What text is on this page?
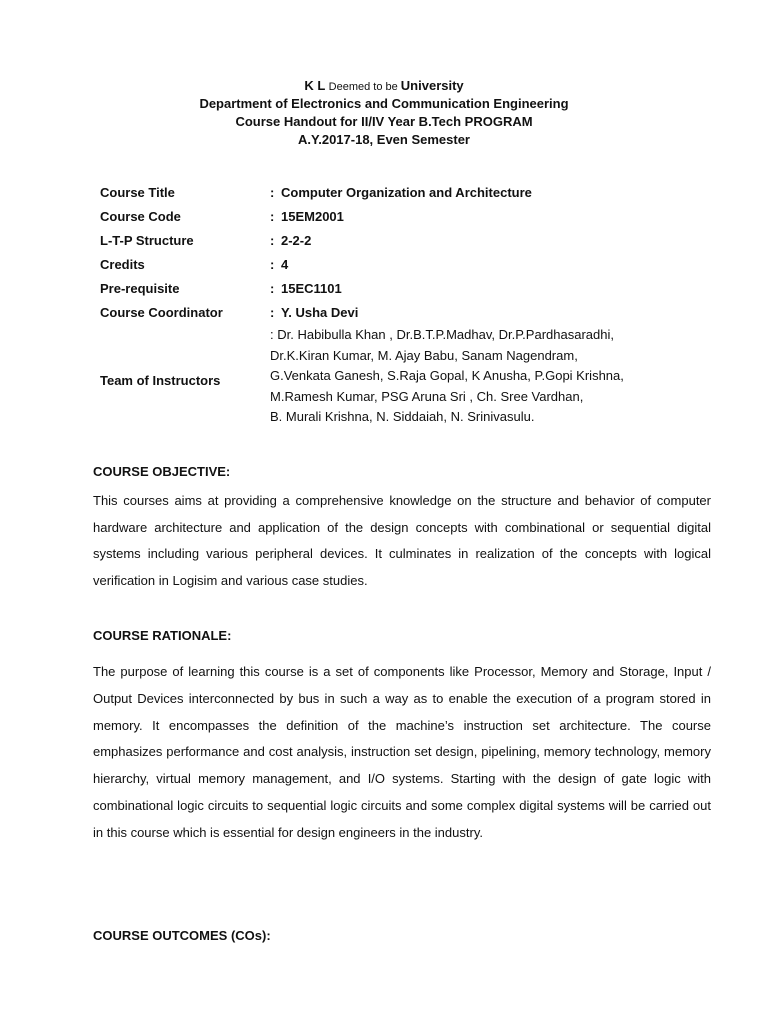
K L Deemed to be University
Department of Electronics and Communication Engineering
Course Handout for II/IV Year B.Tech PROGRAM
A.Y.2017-18, Even Semester
Course Title	: Computer Organization and Architecture
Course Code	: 15EM2001
L-T-P Structure	: 2-2-2
Credits	: 4
Pre-requisite	: 15EC1101
Course Coordinator	: Y. Usha Devi
Team of Instructors
: Dr. Habibulla Khan , Dr.B.T.P.Madhav, Dr.P.Pardhasaradhi,
Dr.K.Kiran Kumar, M. Ajay Babu, Sanam Nagendram,
G.Venkata Ganesh, S.Raja Gopal, K Anusha, P.Gopi Krishna,
M.Ramesh Kumar, PSG Aruna Sri , Ch. Sree Vardhan,
B. Murali Krishna, N. Siddaiah, N. Srinivasulu.
COURSE OBJECTIVE:
This courses aims at providing a comprehensive knowledge on the structure and behavior of computer hardware architecture and application of the design concepts with combinational or sequential digital systems including various peripheral devices. It culminates in realization of the concepts with logical verification in Logisim and various case studies.
COURSE RATIONALE:
The purpose of learning this course is a set of components like Processor, Memory and Storage, Input / Output Devices interconnected by bus in such a way as to enable the execution of a program stored in memory. It encompasses the definition of the machine’s instruction set architecture. The course emphasizes performance and cost analysis, instruction set design, pipelining, memory technology, memory hierarchy, virtual memory management, and I/O systems. Starting with the design of gate logic with combinational logic circuits to sequential logic circuits and some complex digital systems will be carried out in this course which is essential for design engineers in the industry.
COURSE OUTCOMES (COs):
